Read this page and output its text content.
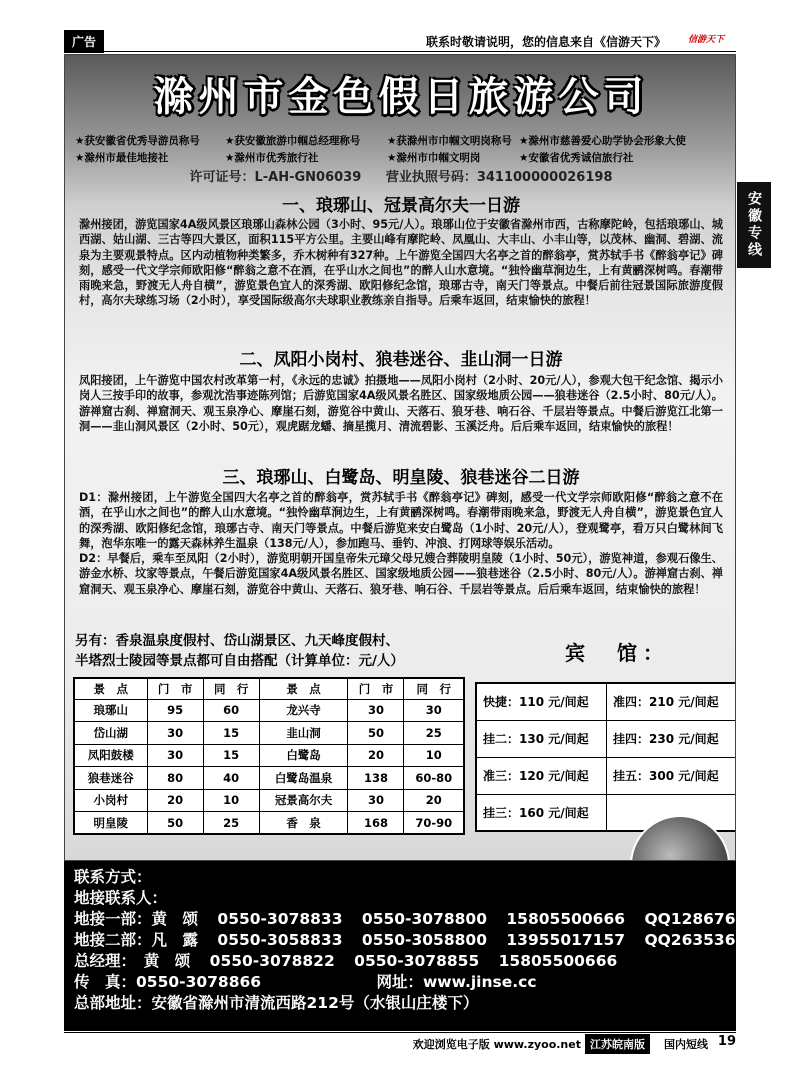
广告	联系时敬请说明，您的信息来自《信游天下》	信游天下
安徽专线
滁州市金色假日旅游公司
★获安徽省优秀导游员称号	★获安徽旅游巾帼总经理称号	★获滁州市巾帼文明岗称号 ★滁州市慈善爱心助学协会形象大使
★滁州市最佳地接社	★滁州市优秀旅行社	★滁州市巾帼文明岗	★安徽省优秀诚信旅行社
许可证号：L-AH-GN06039 营业执照号码：341100000026198
一、琅琊山、冠景高尔夫一日游
滁州接团，游览国家4A级风景区琅琊山森林公园（3小时、95元/人）。琅琊山位于安徽省滁州市西，古称摩陀岭，包括琅琊山、城西湖、姑山湖、三古等四大景区，面积115平方公里。主要山峰有摩陀岭、凤凰山、大丰山、小丰山等，以茂林、幽洞、碧湖、流泉为主要观景特点。区内动植物种类繁多，乔木树种有327种。上午游览全国四大名亭之首的醉翁亭，赏苏轼手书《醉翁亭记》碑刻，感受一代文学宗师欧阳修“醉翁之意不在酒，在乎山水之间也”的醉人山水意境。“独怜幽草涧边生，上有黄鹂深树鸣。春潮带雨晚来急，野渡无人舟自横”，游览景色宜人的深秀湖、欧阳修纪念馆，琅琊古寺，南天门等景点。中餐后前往冠景国际旅游度假村，高尔夫球练习场（2小时），享受国际级高尔夫球职业教练亲自指导。后乘车返回，结束愉快的旅程！
二、凤阳小岗村、狼巷迷谷、韭山洞一日游
凤阳接团，上午游览中国农村改革第一村，《永远的忠诚》拍摄地——凤阳小岗村（2小时、20元/人），参观大包干纪念馆、揭示小岗人三按手印的故事，参观沈浩事迹陈列馆；后游览国家4A级风景名胜区、国家级地质公园——狼巷迷谷（2.5小时、80元/人）。游禅窟古刹、禅窟洞天、观玉泉净心、摩崖石刻，游览谷中黄山、天落石、狼牙巷、响石谷、千层岩等景点。中餐后游览江北第一洞——韭山洞风景区（2小时、50元），观虎踞龙蟠、摘星揽月、清流碧影、玉溪泛舟。后后乘车返回，结束愉快的旅程！
三、琅琊山、白鹭岛、明皇陵、狼巷迷谷二日游
D1：滁州接团，上午游览全国四大名亭之首的醉翁亭，赏苏轼手书《醉翁亭记》碑刻，感受一代文学宗师欧阳修“醉翁之意不在酒，在乎山水之间也”的醉人山水意境。“独怜幽草涧边生，上有黄鹂深树鸣。春潮带雨晚来急，野渡无人舟自横”，游览景色宜人的深秀湖、欧阳修纪念馆，琅琊古寺、南天门等景点。中餐后游览来安白鹭岛（1小时、20元/人），登观鹭亭，看万只白鹭林间飞舞，泡华东唯一的露天森林养生温泉（138元/人），参加跑马、垂钓、冲浪、打网球等娱乐活动。
D2：早餐后，乘车至凤阳（2小时），游览明朝开国皇帝朱元璋父母兄嫂合葬陵明皇陵（1小时、50元），游览神道，参观石像生、游金水桥、坟家等景点，午餐后游览国家4A级风景名胜区、国家级地质公园——狼巷迷谷（2.5小时、80元/人）。游禅窟古刹、禅窟洞天、观玉泉净心、摩崖石刻，游览谷中黄山、天落石、狼牙巷、响石谷、千层岩等景点。后后乘车返回，结束愉快的旅程！
另有：香泉温泉度假村、岱山湖景区、九天峰度假村、
半塔烈士陵园等景点都可自由搭配（计算单位：元/人）	宾　馆：
景　点	门　市	同　行	景　点	门　市	同　行
琅琊山	95	60	龙兴寺	30	30
岱山湖	30	15	韭山洞	50	25
凤阳鼓楼	30	15	白鹭岛	20	10
狼巷迷谷	80	40	白鹭岛温泉	138	60-80
小岗村	20	10	冠景高尔夫	30	20
明皇陵	50	25	香　泉	168	70-90
快捷：110 元/间起	准四：210 元/间起
挂二：130 元/间起	挂四：230 元/间起
准三：120 元/间起	挂五：300 元/间起
挂三：160 元/间起	
联系方式：
地接联系人：
地接一部：黄　颂 0550-3078833 0550-3078800 15805500666 QQ1286764198
地接二部：凡　露 0550-3058833 0550-3058800 13955017157 QQ2635367666
总经理：　黄　颂 0550-3078822 0550-3078855 15805500666
传　真：0550-3078866	网址：www.jinse.cc
总部地址：安徽省滁州市清流西路212号（水银山庄楼下）
欢迎浏览电子版 www.zyoo.net 江苏皖南版	国内短线 19
